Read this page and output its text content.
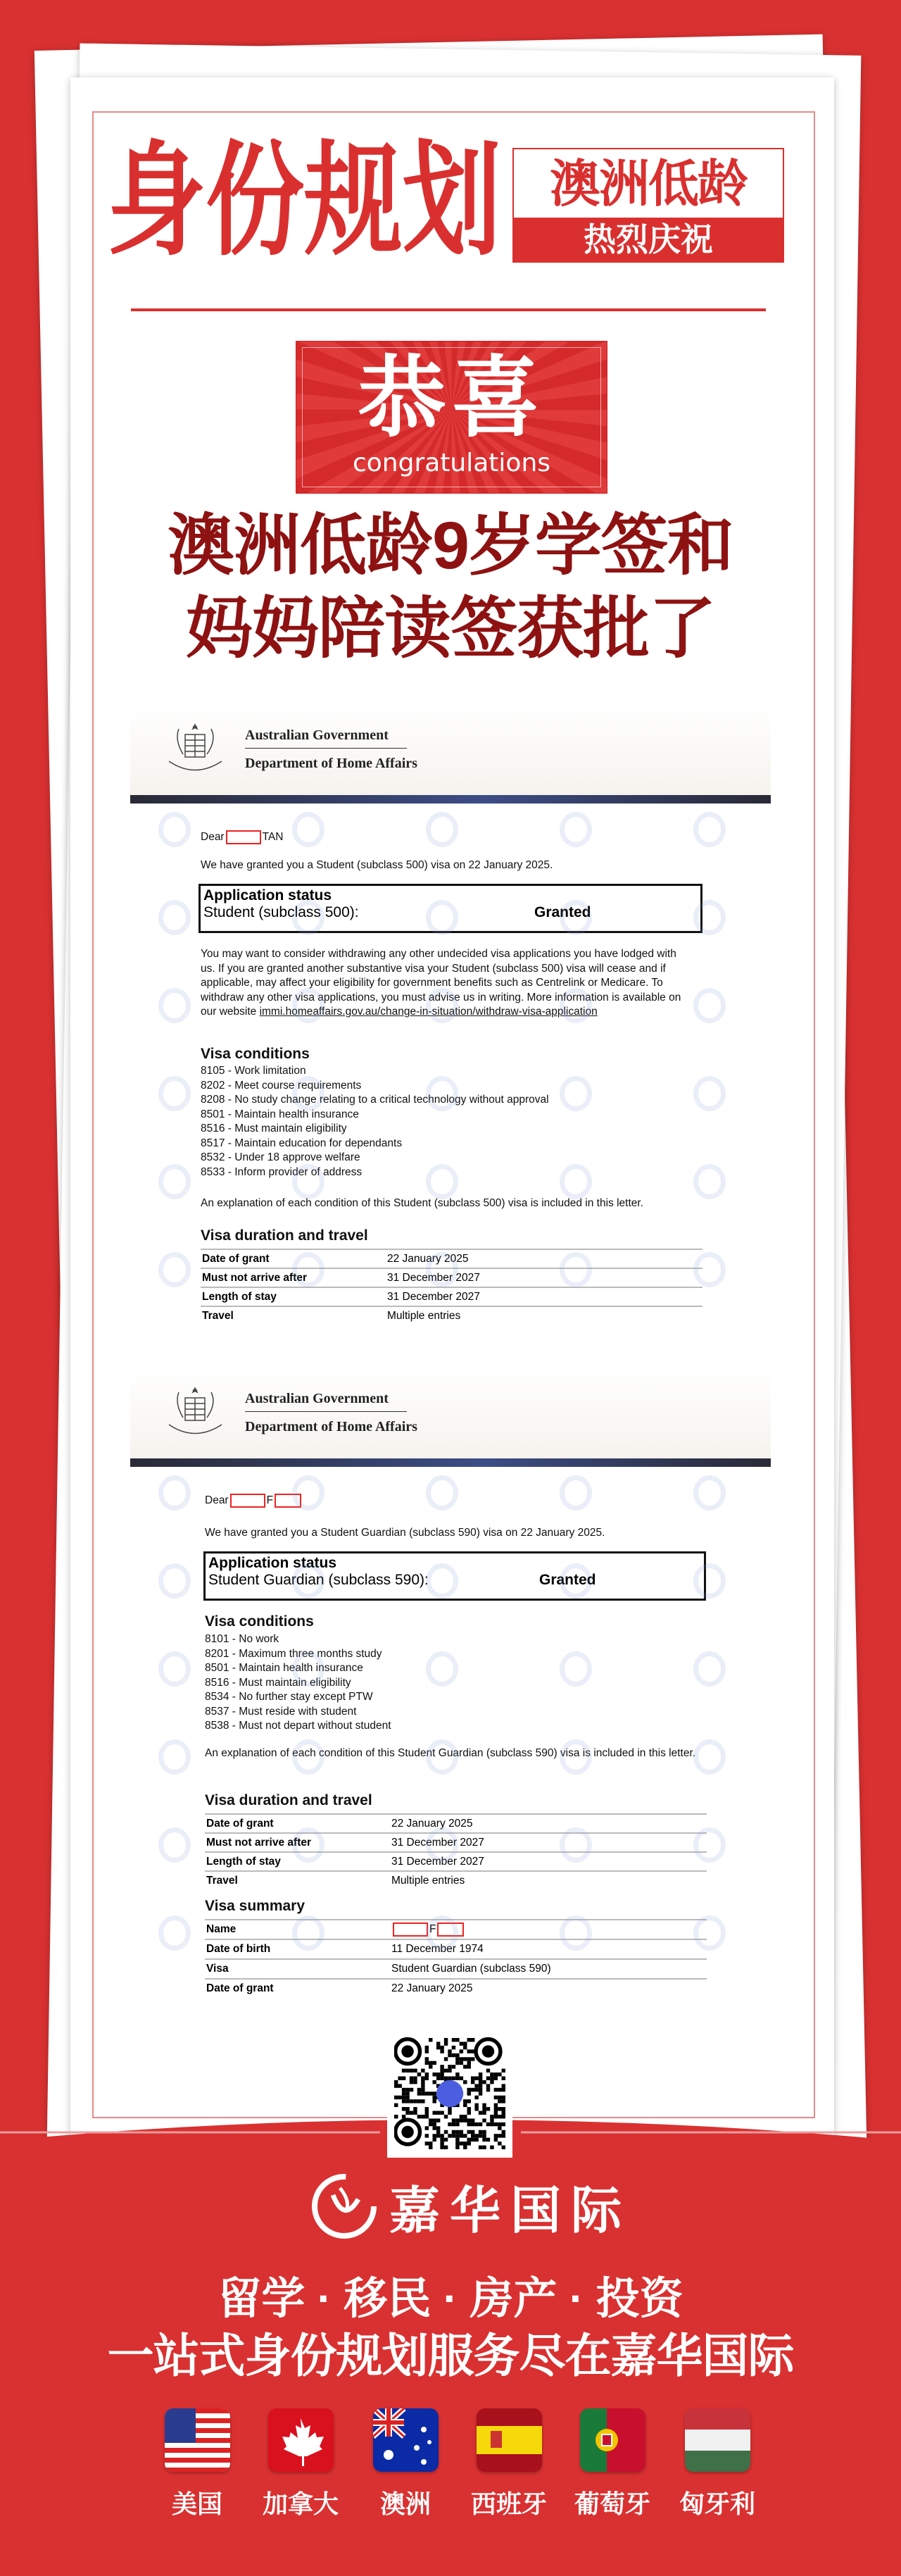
身份规划 澳洲低龄
热烈庆祝
恭喜
congratulations
澳洲低龄9岁学签和
妈妈陪读签获批了
Australian Government
Department of Home Affairs
Dear	TAN
We have granted you a Student (subclass 500) visa on 22 January 2025.
Application status
Student (subclass 500):	Granted
You may want to consider withdrawing any other undecided visa applications you have lodged with us. If you are granted another substantive visa your Student (subclass 500) visa will cease and if applicable, may affect your eligibility for government benefits such as Centrelink or Medicare. To withdraw any other visa applications, you must advise us in writing. More information is available on our website immi.homeaffairs.gov.au/change-in-situation/withdraw-visa-application
Visa conditions
8105 - Work limitation
8202 - Meet course requirements
8208 - No study change relating to a critical technology without approval
8501 - Maintain health insurance
8516 - Must maintain eligibility
8517 - Maintain education for dependants
8532 - Under 18 approve welfare
8533 - Inform provider of address
An explanation of each condition of this Student (subclass 500) visa is included in this letter.
Visa duration and travel
Date of grant	22 January 2025
Must not arrive after	31 December 2027
Length of stay	31 December 2027
Travel	Multiple entries
Australian Government
Department of Home Affairs
Dear	F
We have granted you a Student Guardian (subclass 590) visa on 22 January 2025.
Application status
Student Guardian (subclass 590):	Granted
Visa conditions
8101 - No work
8201 - Maximum three months study
8501 - Maintain health insurance
8516 - Must maintain eligibility
8534 - No further stay except PTW
8537 - Must reside with student
8538 - Must not depart without student
An explanation of each condition of this Student Guardian (subclass 590) visa is included in this letter.
Visa duration and travel
Date of grant	22 January 2025
Must not arrive after	31 December 2027
Length of stay	31 December 2027
Travel	Multiple entries
Visa summary
Name	F
Date of birth	11 December 1974
Visa	Student Guardian (subclass 590)
Date of grant	22 January 2025
嘉华国际
留学 · 移民 · 房产 · 投资
一站式身份规划服务尽在嘉华国际
美国	加拿大	澳洲	西班牙	葡萄牙	匈牙利
